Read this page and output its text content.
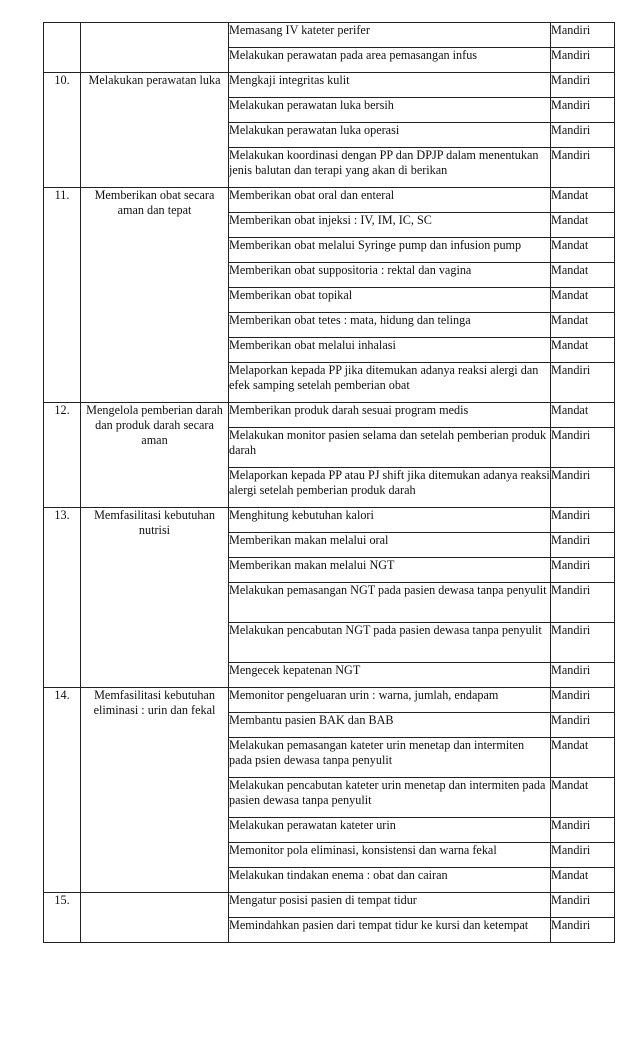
		Memasang IV kateter perifer	Mandiri
		Melakukan perawatan pada area pemasangan infus	Mandiri
10.	Melakukan perawatan luka	Mengkaji integritas kulit	Mandiri
		Melakukan perawatan luka bersih	Mandiri
		Melakukan perawatan luka operasi	Mandiri
		Melakukan koordinasi dengan PP dan DPJP dalam menentukan jenis balutan dan terapi yang akan di berikan	Mandiri
11.	Memberikan obat secara aman dan tepat	Memberikan obat oral dan enteral	Mandat
		Memberikan obat injeksi : IV, IM, IC, SC	Mandat
		Memberikan obat melalui Syringe pump dan infusion pump	Mandat
		Memberikan obat suppositoria : rektal dan vagina	Mandat
		Memberikan obat topikal	Mandat
		Memberikan obat tetes : mata, hidung dan telinga	Mandat
		Memberikan obat melalui inhalasi	Mandat
		Melaporkan kepada PP jika ditemukan adanya reaksi alergi dan efek samping setelah pemberian obat	Mandiri
12.	Mengelola pemberian darah dan produk darah secara aman	Memberikan produk darah sesuai program medis	Mandat
		Melakukan monitor pasien selama dan setelah pemberian produk darah	Mandiri
		Melaporkan kepada PP atau PJ shift jika ditemukan adanya reaksi alergi setelah pemberian produk darah	Mandiri
13.	Memfasilitasi kebutuhan nutrisi	Menghitung kebutuhan kalori	Mandiri
		Memberikan makan melalui oral	Mandiri
		Memberikan makan melalui NGT	Mandiri
		Melakukan pemasangan NGT pada pasien dewasa tanpa penyulit	Mandiri
		Melakukan pencabutan NGT pada pasien dewasa tanpa penyulit	Mandiri
		Mengecek kepatenan NGT	Mandiri
14.	Memfasilitasi kebutuhan eliminasi : urin dan fekal	Memonitor pengeluaran urin : warna, jumlah, endapam	Mandiri
		Membantu pasien BAK dan BAB	Mandiri
		Melakukan pemasangan kateter urin menetap dan intermiten pada psien dewasa tanpa penyulit	Mandat
		Melakukan pencabutan kateter urin menetap dan intermiten pada pasien dewasa tanpa penyulit	Mandat
		Melakukan perawatan kateter urin	Mandiri
		Memonitor pola eliminasi, konsistensi dan warna fekal	Mandiri
		Melakukan tindakan enema : obat dan cairan	Mandat
15.		Mengatur posisi pasien di tempat tidur	Mandiri
		Memindahkan pasien dari tempat tidur ke kursi dan ketempat	Mandiri
